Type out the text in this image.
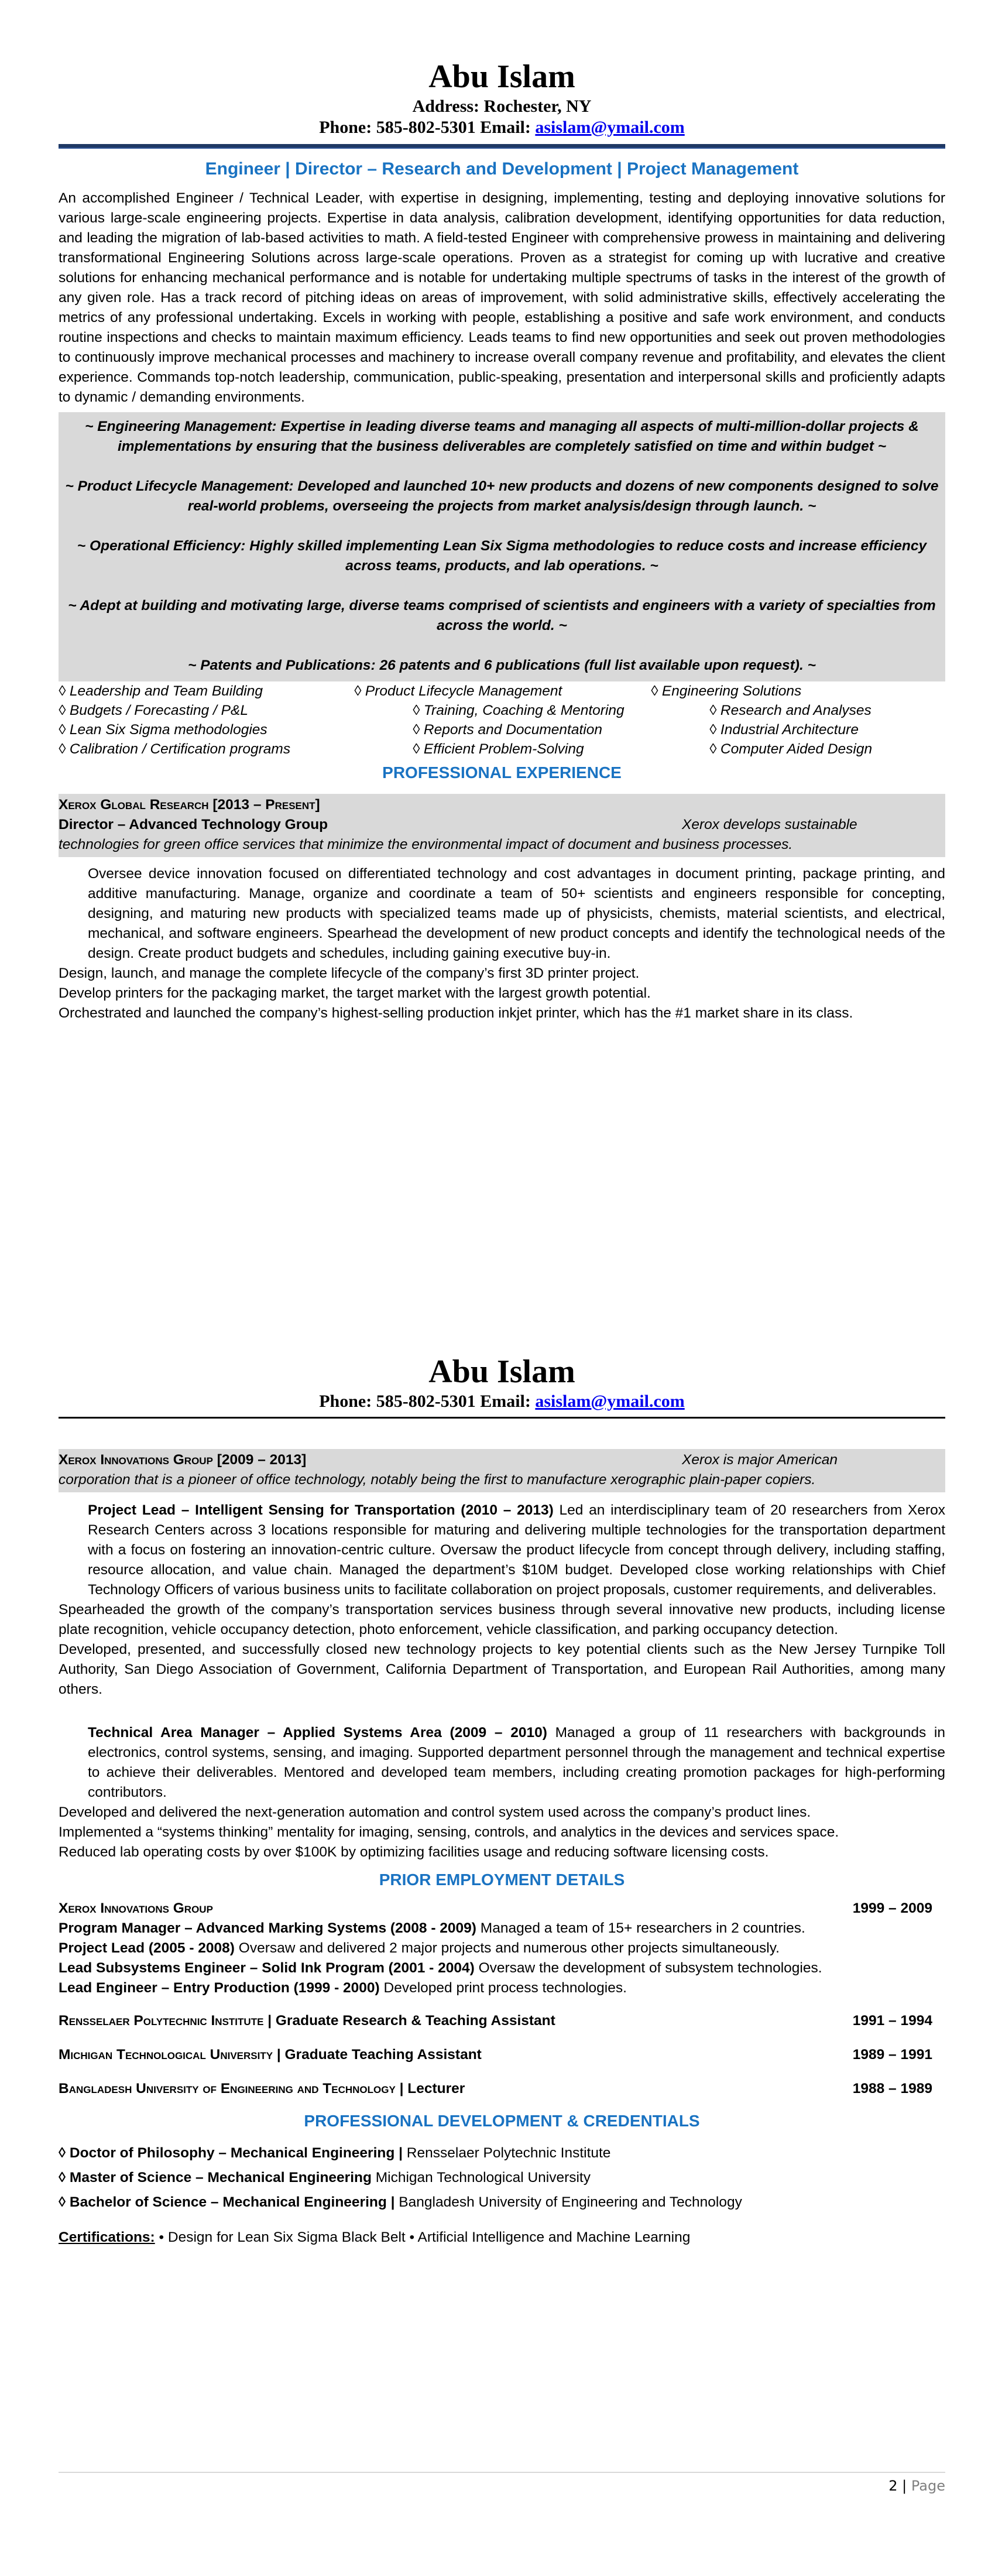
Abu Islam
Address: Rochester, NY
Phone: 585-802-5301 Email: asislam@ymail.com
Engineer | Director – Research and Development | Project Management
An accomplished Engineer / Technical Leader, with expertise in designing, implementing, testing and deploying innovative solutions for various large-scale engineering projects. Expertise in data analysis, calibration development, identifying opportunities for data reduction, and leading the migration of lab-based activities to math. A field-tested Engineer with comprehensive prowess in maintaining and delivering transformational Engineering Solutions across large-scale operations. Proven as a strategist for coming up with lucrative and creative solutions for enhancing mechanical performance and is notable for undertaking multiple spectrums of tasks in the interest of the growth of any given role. Has a track record of pitching ideas on areas of improvement, with solid administrative skills, effectively accelerating the metrics of any professional undertaking. Excels in working with people, establishing a positive and safe work environment, and conducts routine inspections and checks to maintain maximum efficiency. Leads teams to find new opportunities and seek out proven methodologies to continuously improve mechanical processes and machinery to increase overall company revenue and profitability, and elevates the client experience. Commands top-notch leadership, communication, public-speaking, presentation and interpersonal skills and proficiently adapts to dynamic / demanding environments.

~ Engineering Management: Expertise in leading diverse teams and managing all aspects of multi-million-dollar projects & implementations by ensuring that the business deliverables are completely satisfied on time and within budget ~

~ Product Lifecycle Management: Developed and launched 10+ new products and dozens of new components designed to solve real-world problems, overseeing the projects from market analysis/design through launch. ~

~ Operational Efficiency: Highly skilled implementing Lean Six Sigma methodologies to reduce costs and increase efficiency across teams, products, and lab operations. ~

~ Adept at building and motivating large, diverse teams comprised of scientists and engineers with a variety of specialties from across the world. ~

~ Patents and Publications: 26 patents and 6 publications (full list available upon request). ~

◊ Leadership and Team Building	◊ Product Lifecycle Management	◊ Engineering Solutions
◊ Budgets / Forecasting / P&L	◊ Training, Coaching & Mentoring	◊ Research and Analyses
◊ Lean Six Sigma methodologies	◊ Reports and Documentation	◊ Industrial Architecture
◊ Calibration / Certification programs	◊ Efficient Problem-Solving	◊ Computer Aided Design
PROFESSIONAL EXPERIENCE
Xerox Global Research [2013 – Present]
Director – Advanced Technology Group	Xerox develops sustainable
technologies for green office services that minimize the environmental impact of document and business processes.
Oversee device innovation focused on differentiated technology and cost advantages in document printing, package printing, and additive manufacturing. Manage, organize and coordinate a team of 50+ scientists and engineers responsible for concepting, designing, and maturing new products with specialized teams made up of physicists, chemists, material scientists, and electrical, mechanical, and software engineers. Spearhead the development of new product concepts and identify the technological needs of the design. Create product budgets and schedules, including gaining executive buy-in.
Design, launch, and manage the complete lifecycle of the company’s first 3D printer project.
Develop printers for the packaging market, the target market with the largest growth potential.
Orchestrated and launched the company’s highest-selling production inkjet printer, which has the #1 market share in its class.
Abu Islam
Phone: 585-802-5301 Email: asislam@ymail.com
Xerox Innovations Group [2009 – 2013]	Xerox is major American
corporation that is a pioneer of office technology, notably being the first to manufacture xerographic plain-paper copiers.
Project Lead – Intelligent Sensing for Transportation (2010 – 2013) Led an interdisciplinary team of 20 researchers from Xerox Research Centers across 3 locations responsible for maturing and delivering multiple technologies for the transportation department with a focus on fostering an innovation-centric culture. Oversaw the product lifecycle from concept through delivery, including staffing, resource allocation, and value chain. Managed the department’s $10M budget. Developed close working relationships with Chief Technology Officers of various business units to facilitate collaboration on project proposals, customer requirements, and deliverables.
Spearheaded the growth of the company’s transportation services business through several innovative new products, including license plate recognition, vehicle occupancy detection, photo enforcement, vehicle classification, and parking occupancy detection.
Developed, presented, and successfully closed new technology projects to key potential clients such as the New Jersey Turnpike Toll Authority, San Diego Association of Government, California Department of Transportation, and European Rail Authorities, among many others.
Technical Area Manager – Applied Systems Area (2009 – 2010) Managed a group of 11 researchers with backgrounds in electronics, control systems, sensing, and imaging. Supported department personnel through the management and technical expertise to achieve their deliverables. Mentored and developed team members, including creating promotion packages for high-performing contributors.
Developed and delivered the next-generation automation and control system used across the company’s product lines.
Implemented a “systems thinking” mentality for imaging, sensing, controls, and analytics in the devices and services space.
Reduced lab operating costs by over $100K by optimizing facilities usage and reducing software licensing costs.
PRIOR EMPLOYMENT DETAILS
Xerox Innovations Group	1999 – 2009
Program Manager – Advanced Marking Systems (2008 - 2009) Managed a team of 15+ researchers in 2 countries.
Project Lead (2005 - 2008) Oversaw and delivered 2 major projects and numerous other projects simultaneously.
Lead Subsystems Engineer – Solid Ink Program (2001 - 2004) Oversaw the development of subsystem technologies.
Lead Engineer – Entry Production (1999 - 2000) Developed print process technologies.
Rensselaer Polytechnic Institute | Graduate Research & Teaching Assistant	1991 – 1994
Michigan Technological University | Graduate Teaching Assistant	1989 – 1991
Bangladesh University of Engineering and Technology | Lecturer	1988 – 1989
PROFESSIONAL DEVELOPMENT & CREDENTIALS
◊ Doctor of Philosophy – Mechanical Engineering | Rensselaer Polytechnic Institute
◊ Master of Science – Mechanical Engineering Michigan Technological University
◊ Bachelor of Science – Mechanical Engineering | Bangladesh University of Engineering and Technology
Certifications: • Design for Lean Six Sigma Black Belt • Artificial Intelligence and Machine Learning
2 | Page
